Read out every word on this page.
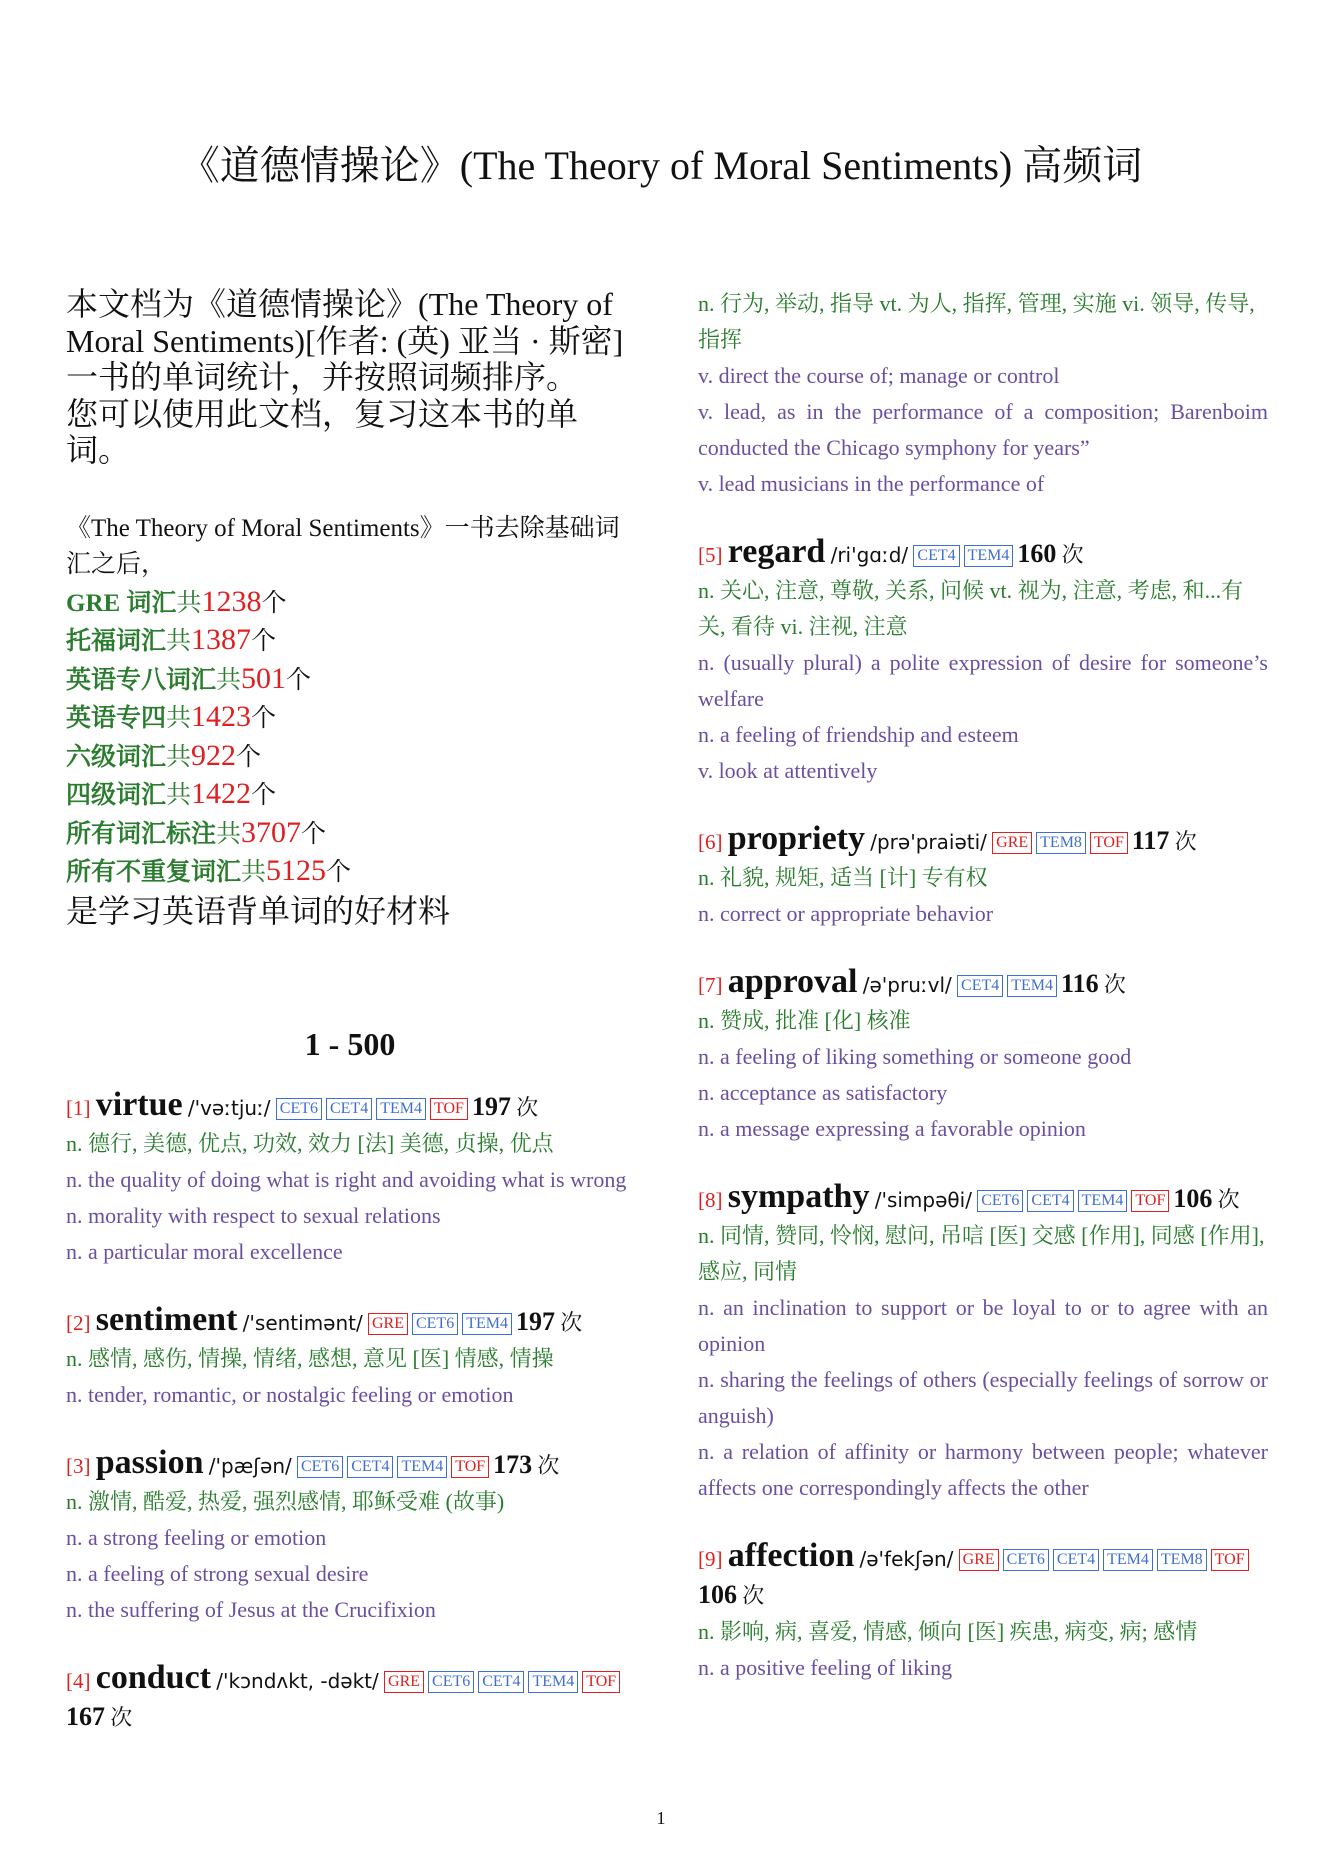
《道德情操论》(The Theory of Moral Sentiments) 高频词
本文档为《道德情操论》(The Theory of Moral Sentiments)[作者: (英) 亚当 · 斯密] 一书的单词统计，并按照词频排序。
您可以使用此文档，复习这本书的单词。
《The Theory of Moral Sentiments》一书去除基础词汇之后，
GRE 词汇共1238个
托福词汇共1387个
英语专八词汇共501个
英语专四共1423个
六级词汇共922个
四级词汇共1422个
所有词汇标注共3707个
所有不重复词汇共5125个
是学习英语背单词的好材料
1 - 500
[1] virtue /'vəːtjuː/ CET6 CET4 TEM4 TOF 197 次
n. 德行, 美德, 优点, 功效, 效力 [法] 美德, 贞操, 优点
n. the quality of doing what is right and avoiding what is wrong
n. morality with respect to sexual relations
n. a particular moral excellence
[2] sentiment /'sentimənt/ GRE CET6 TEM4 197 次
n. 感情, 感伤, 情操, 情绪, 感想, 意见 [医] 情感, 情操
n. tender, romantic, or nostalgic feeling or emotion
[3] passion /'pæʃən/ CET6 CET4 TEM4 TOF 173 次
n. 激情, 酷爱, 热爱, 强烈感情, 耶稣受难 (故事)
n. a strong feeling or emotion
n. a feeling of strong sexual desire
n. the suffering of Jesus at the Crucifixion
[4] conduct /'kɔndʌkt, -dəkt/ GRE CET6 CET4 TEM4 TOF167 次
n. 行为, 举动, 指导 vt. 为人, 指挥, 管理, 实施 vi. 领导, 传导, 指挥
v. direct the course of; manage or control
v. lead, as in the performance of a composition; Barenboim conducted the Chicago symphony for years”
v. lead musicians in the performance of
[5] regard /ri'gɑːd/ CET4 TEM4 160 次
n. 关心, 注意, 尊敬, 关系, 问候 vt. 视为, 注意, 考虑, 和...有关, 看待 vi. 注视, 注意
n. (usually plural) a polite expression of desire for someone’s welfare
n. a feeling of friendship and esteem
v. look at attentively
[6] propriety /prə'praiəti/ GRE TEM8 TOF 117 次
n. 礼貌, 规矩, 适当 [计] 专有权
n. correct or appropriate behavior
[7] approval /ə'pruːvl/ CET4 TEM4 116 次
n. 赞成, 批准 [化] 核准
n. a feeling of liking something or someone good
n. acceptance as satisfactory
n. a message expressing a favorable opinion
[8] sympathy /'simpəθi/ CET6 CET4 TEM4 TOF 106 次
n. 同情, 赞同, 怜悯, 慰问, 吊唁 [医] 交感 [作用], 同感 [作用], 感应, 同情
n. an inclination to support or be loyal to or to agree with an opinion
n. sharing the feelings of others (especially feelings of sorrow or anguish)
n. a relation of affinity or harmony between people; whatever affects one correspondingly affects the other
[9] affection /ə'fekʃən/ GRE CET6 CET4 TEM4 TEM8 TOF106 次
n. 影响, 病, 喜爱, 情感, 倾向 [医] 疾患, 病变, 病; 感情
n. a positive feeling of liking
1
